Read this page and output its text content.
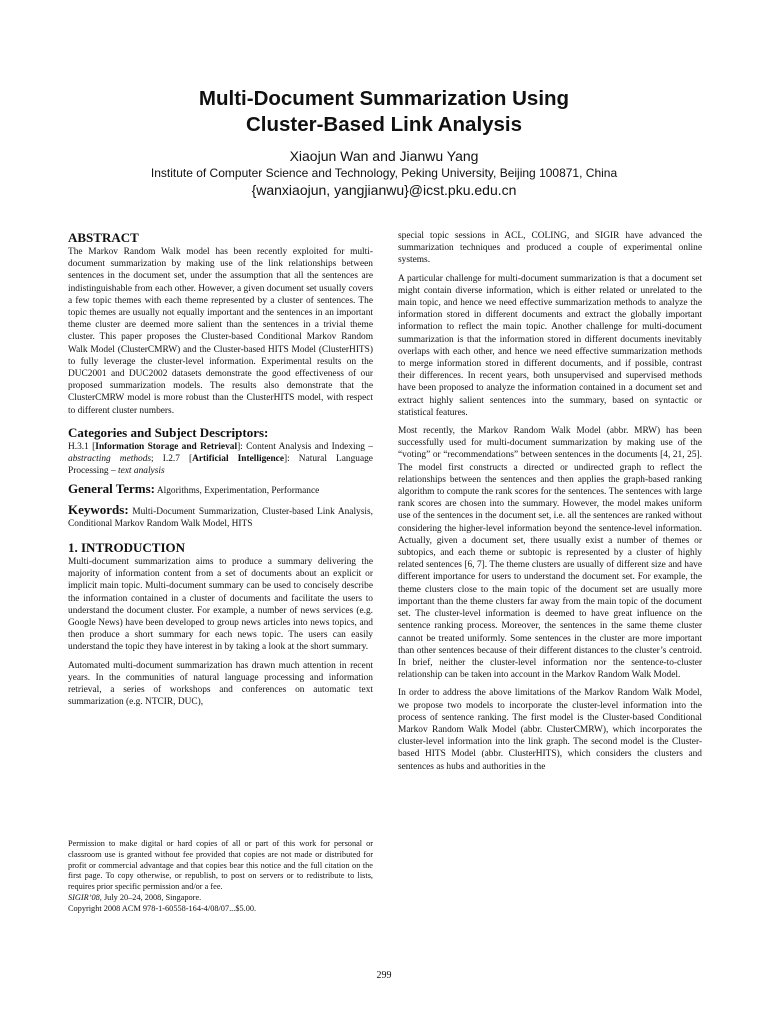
Multi-Document Summarization Using
Cluster-Based Link Analysis
Xiaojun Wan and Jianwu Yang
Institute of Computer Science and Technology, Peking University, Beijing 100871, China
{wanxiaojun, yangjianwu}@icst.pku.edu.cn
ABSTRACT

The Markov Random Walk model has been recently exploited for multi-document summarization by making use of the link relationships between sentences in the document set, under the assumption that all the sentences are indistinguishable from each other. However, a given document set usually covers a few topic themes with each theme represented by a cluster of sentences. The topic themes are usually not equally important and the sentences in an important theme cluster are deemed more salient than the sentences in a trivial theme cluster. This paper proposes the Cluster-based Conditional Markov Random Walk Model (ClusterCMRW) and the Cluster-based HITS Model (ClusterHITS) to fully leverage the cluster-level information. Experimental results on the DUC2001 and DUC2002 datasets demonstrate the good effectiveness of our proposed summarization models. The results also demonstrate that the ClusterCMRW model is more robust than the ClusterHITS model, with respect to different cluster numbers.

Categories and Subject Descriptors:

H.3.1 [Information Storage and Retrieval]: Content Analysis and Indexing – abstracting methods; I.2.7 [Artificial Intelligence]: Natural Language Processing – text analysis

General Terms: Algorithms, Experimentation, Performance

Keywords: Multi-Document Summarization, Cluster-based Link Analysis, Conditional Markov Random Walk Model, HITS

1. INTRODUCTION

Multi-document summarization aims to produce a summary delivering the majority of information content from a set of documents about an explicit or implicit main topic. Multi-document summary can be used to concisely describe the information contained in a cluster of documents and facilitate the users to understand the document cluster. For example, a number of news services (e.g. Google News) have been developed to group news articles into news topics, and then produce a short summary for each news topic. The users can easily understand the topic they have interest in by taking a look at the short summary.

Automated multi-document summarization has drawn much attention in recent years. In the communities of natural language processing and information retrieval, a series of workshops and conferences on automatic text summarization (e.g. NTCIR, DUC),

Permission to make digital or hard copies of all or part of this work for personal or classroom use is granted without fee provided that copies are not made or distributed for profit or commercial advantage and that copies bear this notice and the full citation on the first page. To copy otherwise, or republish, to post on servers or to redistribute to lists, requires prior specific permission and/or a fee.

SIGIR’08, July 20–24, 2008, Singapore.

Copyright 2008 ACM 978-1-60558-164-4/08/07...$5.00.

special topic sessions in ACL, COLING, and SIGIR have advanced the summarization techniques and produced a couple of experimental online systems.

A particular challenge for multi-document summarization is that a document set might contain diverse information, which is either related or unrelated to the main topic, and hence we need effective summarization methods to analyze the information stored in different documents and extract the globally important information to reflect the main topic. Another challenge for multi-document summarization is that the information stored in different documents inevitably overlaps with each other, and hence we need effective summarization methods to merge information stored in different documents, and if possible, contrast their differences. In recent years, both unsupervised and supervised methods have been proposed to analyze the information contained in a document set and extract highly salient sentences into the summary, based on syntactic or statistical features.

Most recently, the Markov Random Walk Model (abbr. MRW) has been successfully used for multi-document summarization by making use of the “voting” or “recommendations” between sentences in the documents [4, 21, 25]. The model first constructs a directed or undirected graph to reflect the relationships between the sentences and then applies the graph-based ranking algorithm to compute the rank scores for the sentences. The sentences with large rank scores are chosen into the summary. However, the model makes uniform use of the sentences in the document set, i.e. all the sentences are ranked without considering the higher-level information beyond the sentence-level information. Actually, given a document set, there usually exist a number of themes or subtopics, and each theme or subtopic is represented by a cluster of highly related sentences [6, 7]. The theme clusters are usually of different size and have different importance for users to understand the document set. For example, the theme clusters close to the main topic of the document set are usually more important than the theme clusters far away from the main topic of the document set. The cluster-level information is deemed to have great influence on the sentence ranking process. Moreover, the sentences in the same theme cluster cannot be treated uniformly. Some sentences in the cluster are more important than other sentences because of their different distances to the cluster’s centroid. In brief, neither the cluster-level information nor the sentence-to-cluster relationship can be taken into account in the Markov Random Walk Model.

In order to address the above limitations of the Markov Random Walk Model, we propose two models to incorporate the cluster-level information into the process of sentence ranking. The first model is the Cluster-based Conditional Markov Random Walk Model (abbr. ClusterCMRW), which incorporates the cluster-level information into the link graph. The second model is the Cluster-based HITS Model (abbr. ClusterHITS), which considers the clusters and sentences as hubs and authorities in the

299
